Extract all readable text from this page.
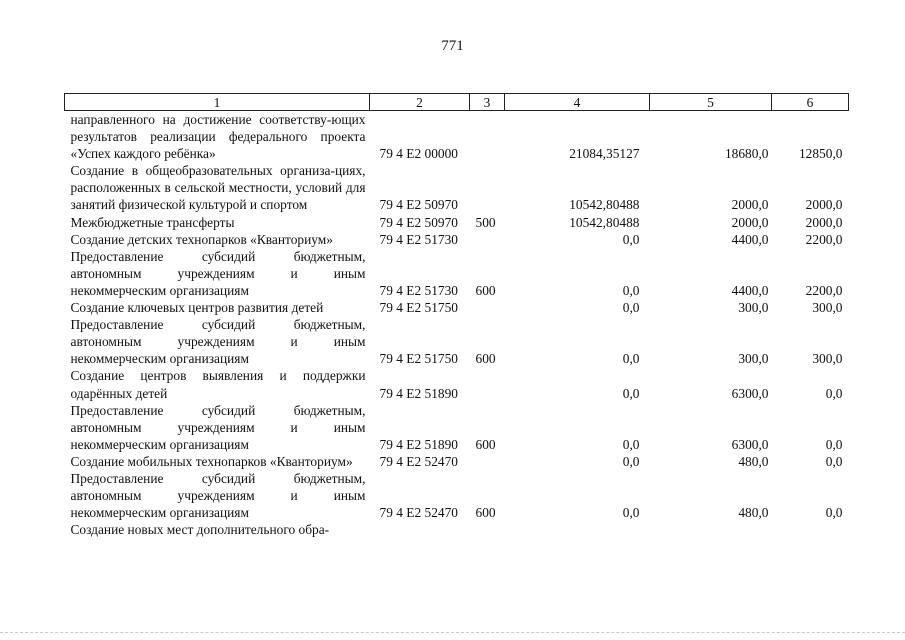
771
1	2	3	4	5	6
направленного на достижение соответству-ющих результатов реализации федерального проекта «Успех каждого ребёнка»	79 4 E2 00000		21084,35127	18680,0	12850,0
Создание в общеобразовательных организа-циях, расположенных в сельской местности, условий для занятий физической культурой и спортом	79 4 E2 50970		10542,80488	2000,0	2000,0
Межбюджетные трансферты	79 4 E2 50970	500	10542,80488	2000,0	2000,0
Создание детских технопарков «Кванториум»	79 4 E2 51730		0,0	4400,0	2200,0
Предоставление субсидий бюджетным, автономным учреждениям и иным некоммерческим организациям	79 4 E2 51730	600	0,0	4400,0	2200,0
Создание ключевых центров развития детей	79 4 E2 51750		0,0	300,0	300,0
Предоставление субсидий бюджетным, автономным учреждениям и иным некоммерческим организациям	79 4 E2 51750	600	0,0	300,0	300,0
Создание центров выявления и поддержки одарённых детей	79 4 E2 51890		0,0	6300,0	0,0
Предоставление субсидий бюджетным, автономным учреждениям и иным некоммерческим организациям	79 4 E2 51890	600	0,0	6300,0	0,0
Создание мобильных технопарков «Кванториум»	79 4 E2 52470		0,0	480,0	0,0
Предоставление субсидий бюджетным, автономным учреждениям и иным некоммерческим организациям	79 4 E2 52470	600	0,0	480,0	0,0
Создание новых мест дополнительного обра-					
